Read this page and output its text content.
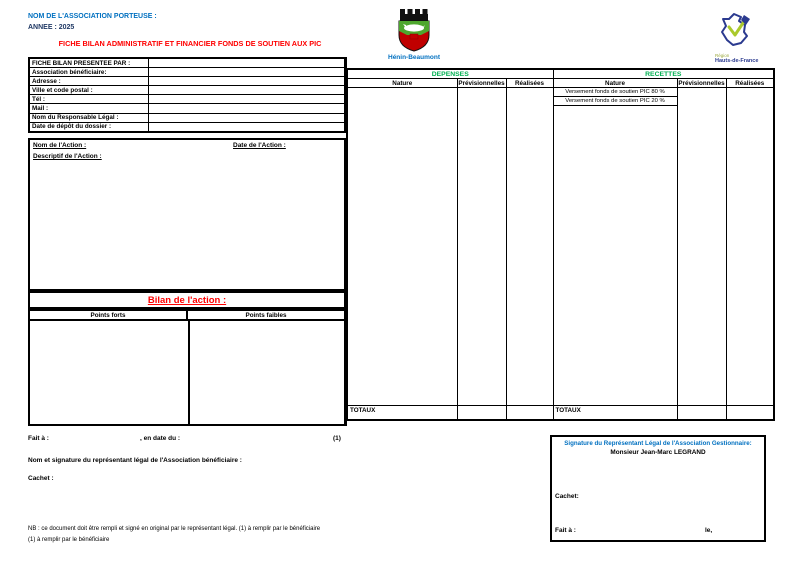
NOM DE L'ASSOCIATION PORTEUSE :
ANNEE : 2025
FICHE BILAN ADMINISTRATIF ET FINANCIER FONDS DE SOUTIEN AUX PIC
Hénin-Beaumont	Région
Hauts-de-France
FICHE BILAN PRESENTEE PAR :	
Association bénéficiaire:	
Adresse :	
Ville et code postal :	
Tél :	
Mail :	
Nom du Responsable Légal :	
Date de dépôt du dossier :	
Nom de l'Action :	Date de l'Action :
Descriptif de l'Action :
Bilan de l'action :
Points forts	Points faibles
DEPENSES			RECETTES		
Nature	Prévisionnelles	Réalisées	Nature	Prévisionnelles	Réalisées
			Versement fonds de soutien PIC 80 %		
			Versement fonds de soutien PIC 20 %		

TOTAUX			TOTAUX		
Fait à :	, en date du :	(1)
Nom et signature du représentant légal de l'Association bénéficiaire :
Cachet :
NB : ce document doit être rempli et signé en original par le représentant légal. (1) à remplir par le bénéficiaire
(1) à remplir par le bénéficiaire
Signature du Représentant Légal de l'Association Gestionnaire:
Monsieur Jean-Marc LEGRAND
Cachet:
Fait à :	le,
